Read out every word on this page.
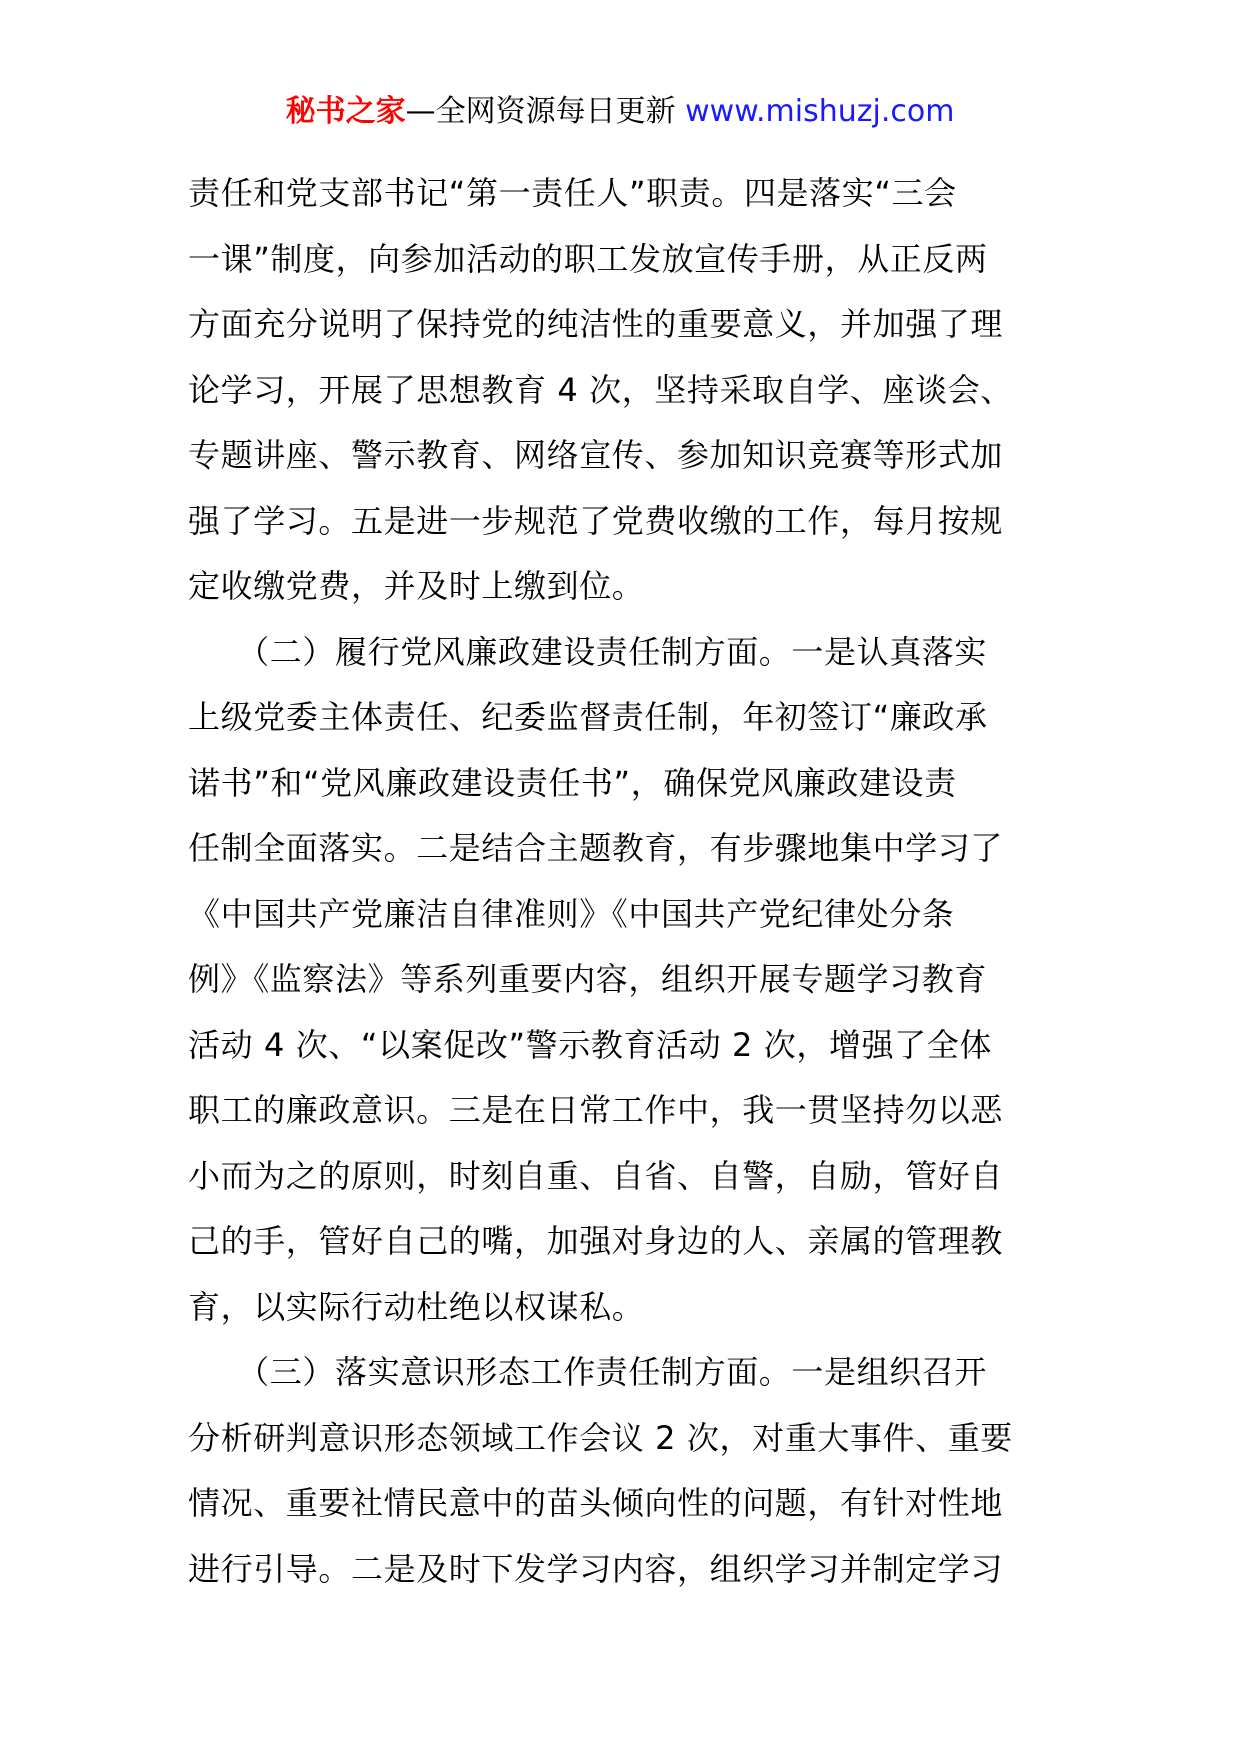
秘书之家—全网资源每日更新 www.mishuzj.com
责任和党支部书记“第一责任人”职责。四是落实“三会
一课”制度，向参加活动的职工发放宣传手册，从正反两
方面充分说明了保持党的纯洁性的重要意义，并加强了理
论学习，开展了思想教育 4 次，坚持采取自学、座谈会、
专题讲座、警示教育、网络宣传、参加知识竞赛等形式加
强了学习。五是进一步规范了党费收缴的工作，每月按规
定收缴党费，并及时上缴到位。
　　（二）履行党风廉政建设责任制方面。一是认真落实
上级党委主体责任、纪委监督责任制，年初签订“廉政承
诺书”和“党风廉政建设责任书”，确保党风廉政建设责
任制全面落实。二是结合主题教育，有步骤地集中学习了
《中国共产党廉洁自律准则》《中国共产党纪律处分条
例》《监察法》等系列重要内容，组织开展专题学习教育
活动 4 次、“以案促改”警示教育活动 2 次，增强了全体
职工的廉政意识。三是在日常工作中，我一贯坚持勿以恶
小而为之的原则，时刻自重、自省、自警，自励，管好自
己的手，管好自己的嘴，加强对身边的人、亲属的管理教
育，以实际行动杜绝以权谋私。
　　（三）落实意识形态工作责任制方面。一是组织召开
分析研判意识形态领域工作会议 2 次，对重大事件、重要
情况、重要社情民意中的苗头倾向性的问题，有针对性地
进行引导。二是及时下发学习内容，组织学习并制定学习
